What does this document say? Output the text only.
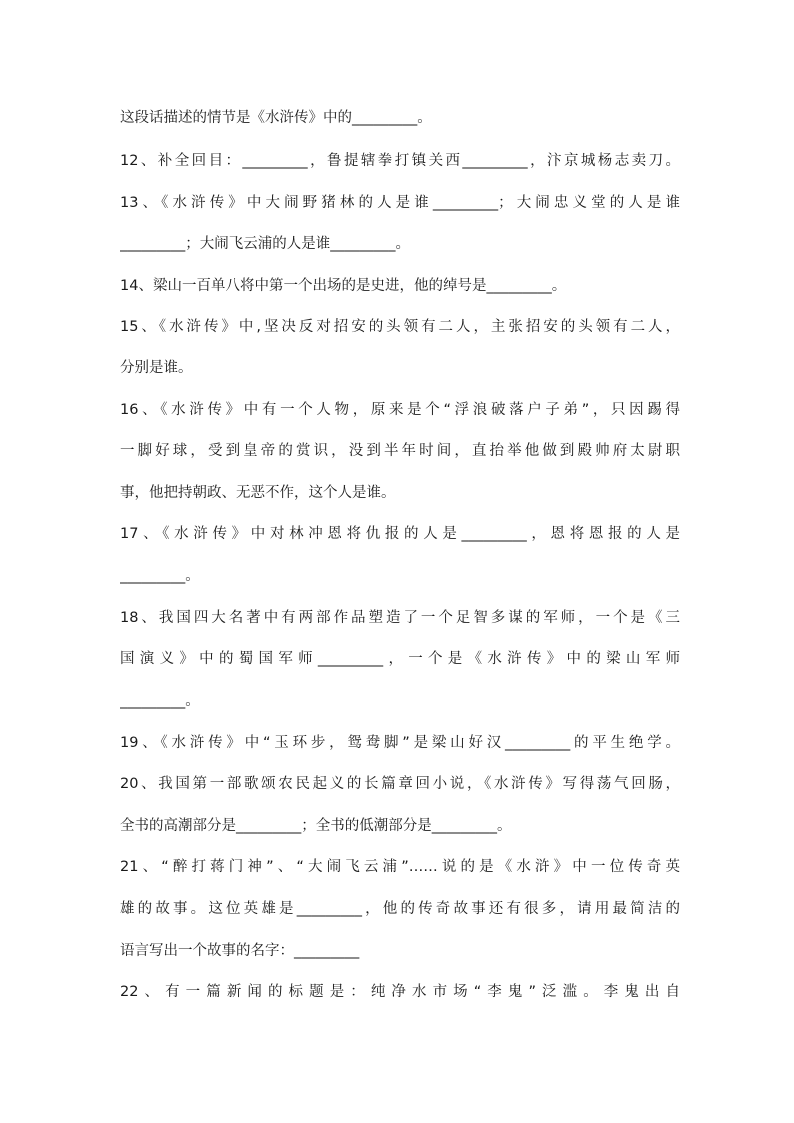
这段话描述的情节是《水浒传》中的_________。
12、补全回目：_________，鲁提辖拳打镇关西_________，汴京城杨志卖刀。
13、《水浒传》中大闹野猪林的人是谁_________；大闹忠义堂的人是谁
_________；大闹飞云浦的人是谁_________。
14、梁山一百单八将中第一个出场的是史进，他的绰号是_________。
15、《水浒传》中,坚决反对招安的头领有二人，主张招安的头领有二人，
分别是谁。
16、《水浒传》中有一个人物，原来是个“浮浪破落户子弟”，只因踢得
一脚好球，受到皇帝的赏识，没到半年时间，直抬举他做到殿帅府太尉职
事，他把持朝政、无恶不作，这个人是谁。
17、《水浒传》中对林冲恩将仇报的人是_________，恩将恩报的人是
_________。
18、我国四大名著中有两部作品塑造了一个足智多谋的军师，一个是《三
国演义》中的蜀国军师_________，一个是《水浒传》中的梁山军师
_________。
19、《水浒传》中“玉环步，鸳鸯脚”是梁山好汉_________的平生绝学。
20、我国第一部歌颂农民起义的长篇章回小说，《水浒传》写得荡气回肠，
全书的高潮部分是_________；全书的低潮部分是_________。
21、“醉打蒋门神”、“大闹飞云浦”……说的是《水浒》中一位传奇英
雄的故事。这位英雄是_________，他的传奇故事还有很多，请用最简洁的
语言写出一个故事的名字：_________
22、有一篇新闻的标题是：纯净水市场“李鬼”泛滥。李鬼出自
